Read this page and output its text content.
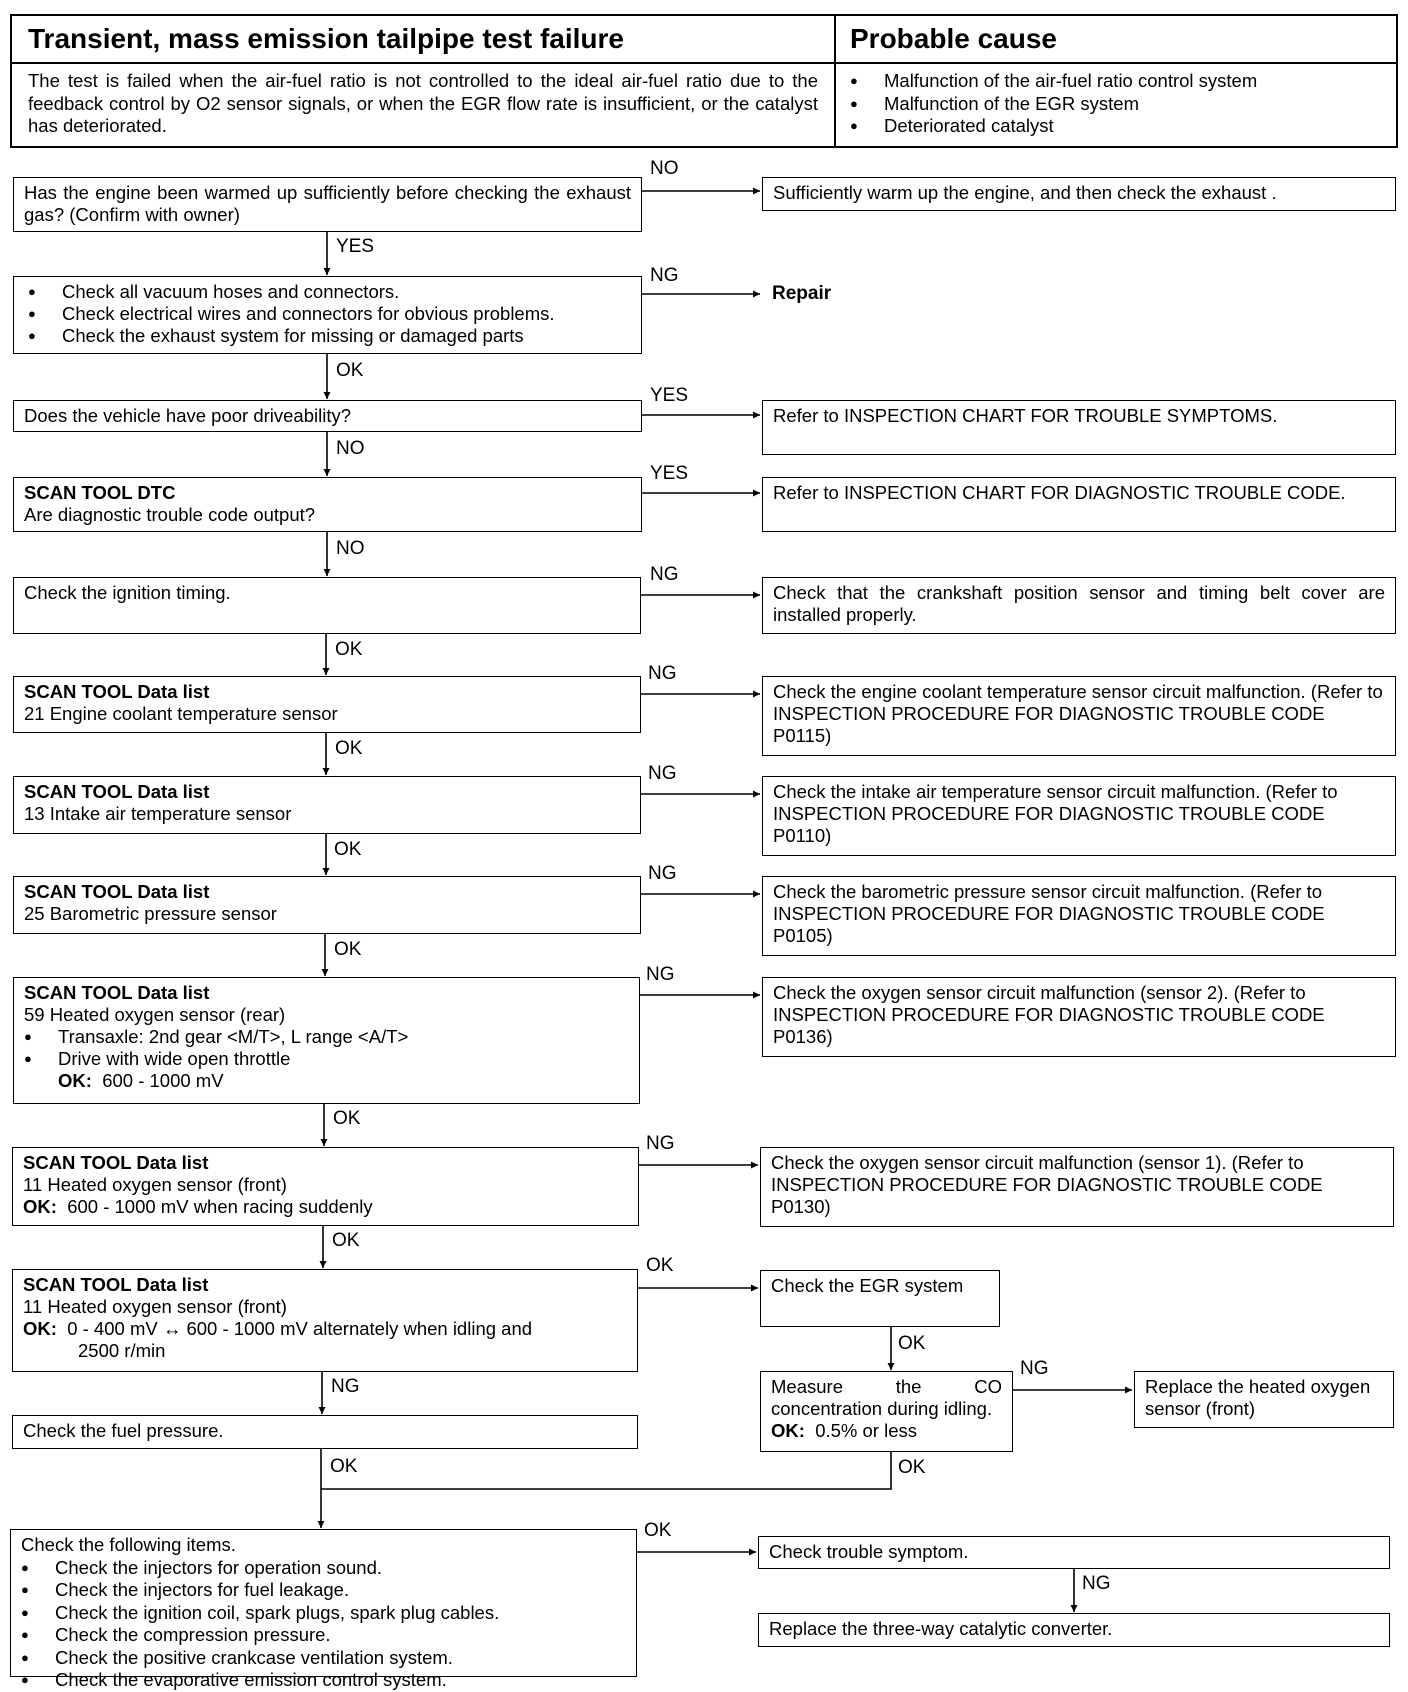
Transient, mass emission tailpipe test failure	Probable cause
The test is failed when the air-fuel ratio is not controlled to the ideal air-fuel ratio due to the feedback control by O2 sensor signals, or when the EGR flow rate is insufficient, or the catalyst has deteriorated.
● Malfunction of the air-fuel ratio control system
● Malfunction of the EGR system
● Deteriorated catalyst
NO
YES
NG
OK
YES
NO
YES
NO
NG
OK
NG
OK
NG
OK
NG
OK
NG
OK
NG
OK
OK
NG
OK
NG
OK	OK
OK
NG
Has the engine been warmed up sufficiently before checking the exhaust gas? (Confirm with owner)
● Check all vacuum hoses and connectors.
● Check electrical wires and connectors for obvious problems.
● Check the exhaust system for missing or damaged parts
Does the vehicle have poor driveability?
SCAN TOOL DTC
Are diagnostic trouble code output?
Check the ignition timing.
SCAN TOOL Data list
21 Engine coolant temperature sensor
SCAN TOOL Data list
13 Intake air temperature sensor
SCAN TOOL Data list
25 Barometric pressure sensor
SCAN TOOL Data list
59 Heated oxygen sensor (rear)
● Transaxle: 2nd gear <M/T>, L range <A/T>
● Drive with wide open throttle
OK: 600 - 1000 mV
SCAN TOOL Data list
11 Heated oxygen sensor (front)
OK: 600 - 1000 mV when racing suddenly
SCAN TOOL Data list
11 Heated oxygen sensor (front)
OK: 0 - 400 mV ↔ 600 - 1000 mV alternately when idling and
2500 r/min
Check the fuel pressure.
Check the following items.
● Check the injectors for operation sound.
● Check the injectors for fuel leakage.
● Check the ignition coil, spark plugs, spark plug cables.
● Check the compression pressure.
● Check the positive crankcase ventilation system.
● Check the evaporative emission control system.
Sufficiently warm up the engine, and then check the exhaust .
Repair
Refer to INSPECTION CHART FOR TROUBLE SYMPTOMS.
Refer to INSPECTION CHART FOR DIAGNOSTIC TROUBLE CODE.
Check that the crankshaft position sensor and timing belt cover are installed properly.
Check the engine coolant temperature sensor circuit malfunction. (Refer to INSPECTION PROCEDURE FOR DIAGNOSTIC TROUBLE CODE P0115)
Check the intake air temperature sensor circuit malfunction. (Refer to INSPECTION PROCEDURE FOR DIAGNOSTIC TROUBLE CODE P0110)
Check the barometric pressure sensor circuit malfunction. (Refer to INSPECTION PROCEDURE FOR DIAGNOSTIC TROUBLE CODE P0105)
Check the oxygen sensor circuit malfunction (sensor 2). (Refer to INSPECTION PROCEDURE FOR DIAGNOSTIC TROUBLE CODE P0136)
Check the oxygen sensor circuit malfunction (sensor 1). (Refer to INSPECTION PROCEDURE FOR DIAGNOSTIC TROUBLE CODE P0130)
Check the EGR system
Measure the CO concentration during idling.
OK: 0.5% or less
Replace the heated oxygen sensor (front)
Check trouble symptom.
Replace the three-way catalytic converter.
